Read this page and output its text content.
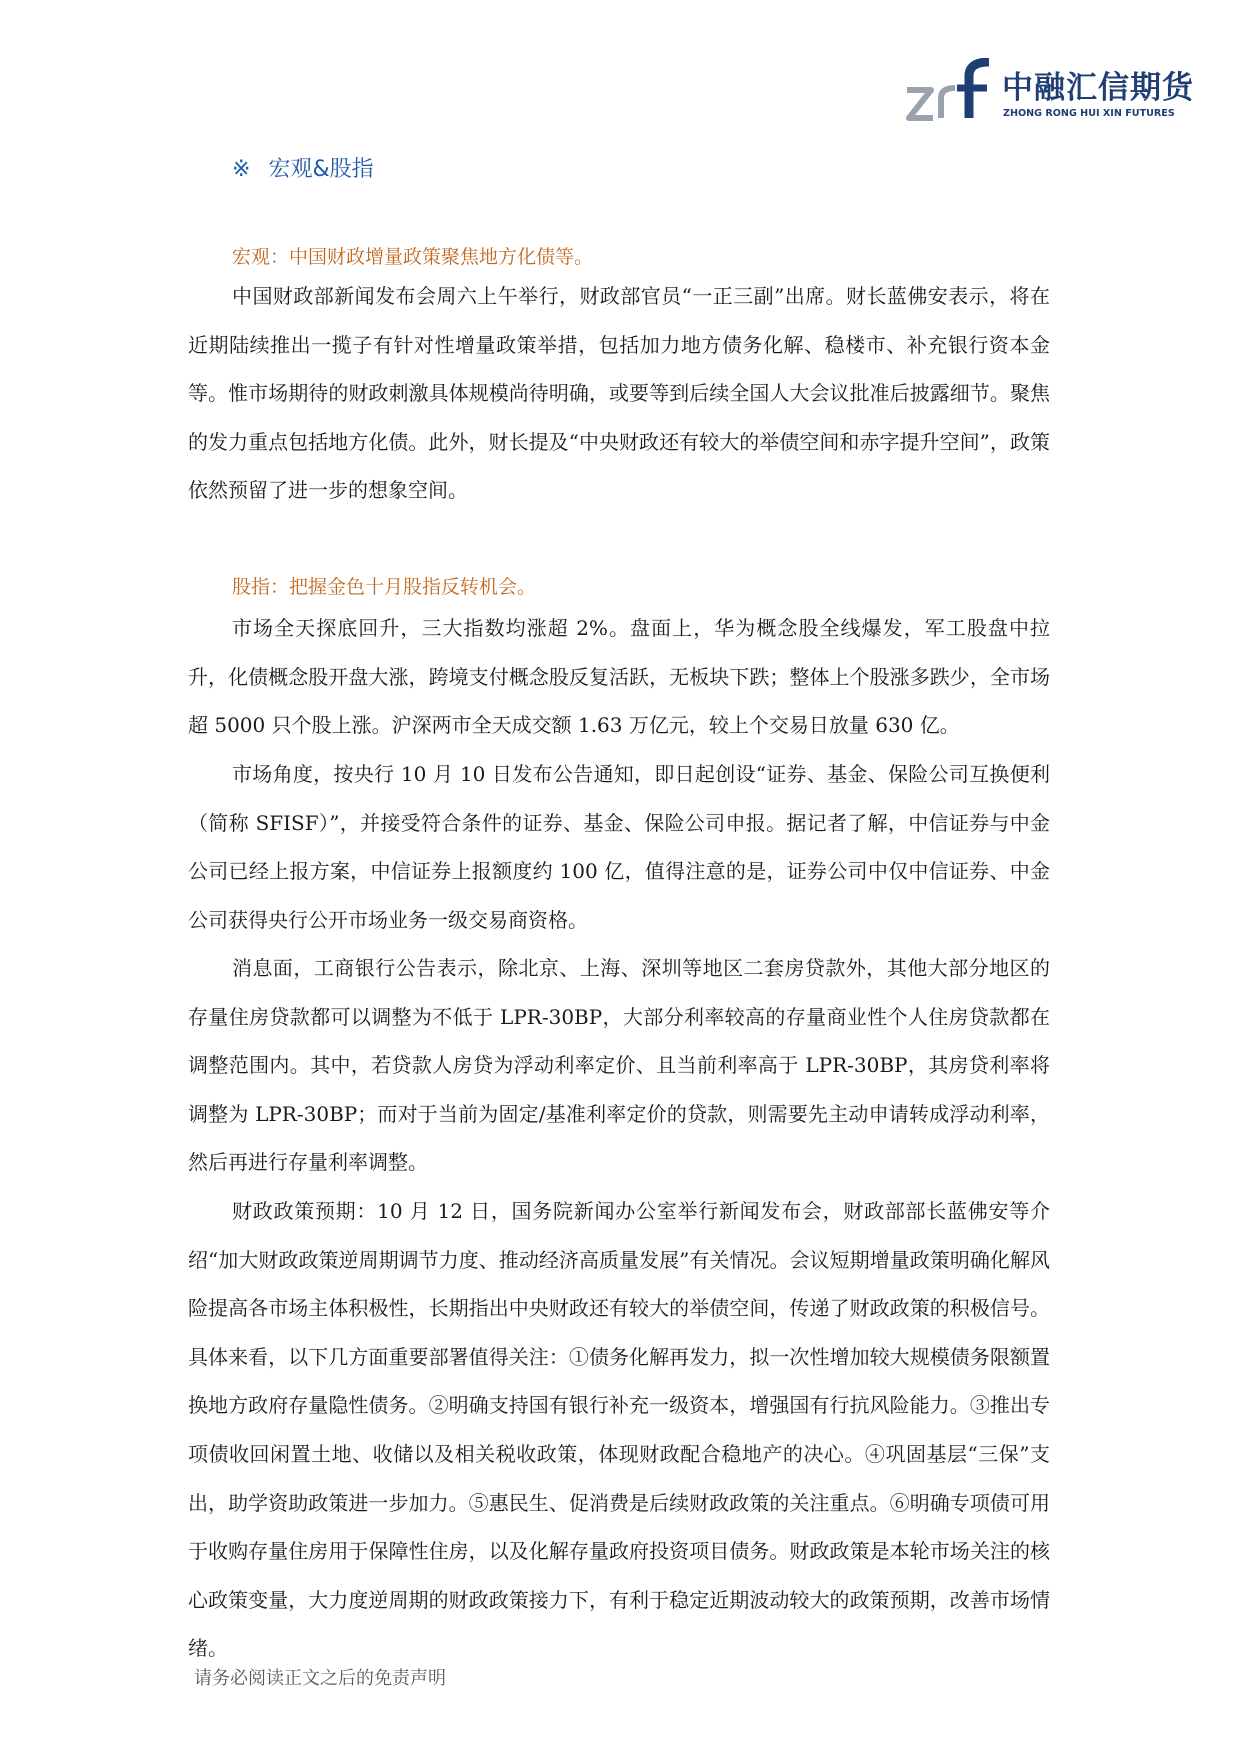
中融汇信期货
ZHONG RONG HUI XIN FUTURES
※ 宏观&股指
宏观：中国财政增量政策聚焦地方化债等。

中国财政部新闻发布会周六上午举行，财政部官员“一正三副”出席。财长蓝佛安表示，将在近期陆续推出一揽子有针对性增量政策举措，包括加力地方债务化解、稳楼市、补充银行资本金等。惟市场期待的财政刺激具体规模尚待明确，或要等到后续全国人大会议批准后披露细节。聚焦的发力重点包括地方化债。此外，财长提及“中央财政还有较大的举债空间和赤字提升空间”，政策依然预留了进一步的想象空间。

股指：把握金色十月股指反转机会。

市场全天探底回升，三大指数均涨超 2%。盘面上，华为概念股全线爆发，军工股盘中拉升，化债概念股开盘大涨，跨境支付概念股反复活跃，无板块下跌；整体上个股涨多跌少，全市场超 5000 只个股上涨。沪深两市全天成交额 1.63 万亿元，较上个交易日放量 630 亿。

市场角度，按央行 10 月 10 日发布公告通知，即日起创设“证券、基金、保险公司互换便利（简称 SFISF）”，并接受符合条件的证券、基金、保险公司申报。据记者了解，中信证券与中金公司已经上报方案，中信证券上报额度约 100 亿，值得注意的是，证券公司中仅中信证券、中金公司获得央行公开市场业务一级交易商资格。

消息面，工商银行公告表示，除北京、上海、深圳等地区二套房贷款外，其他大部分地区的存量住房贷款都可以调整为不低于 LPR-30BP，大部分利率较高的存量商业性个人住房贷款都在调整范围内。其中，若贷款人房贷为浮动利率定价、且当前利率高于 LPR-30BP，其房贷利率将调整为 LPR-30BP；而对于当前为固定/基准利率定价的贷款，则需要先主动申请转成浮动利率，然后再进行存量利率调整。

财政政策预期：10 月 12 日，国务院新闻办公室举行新闻发布会，财政部部长蓝佛安等介绍“加大财政政策逆周期调节力度、推动经济高质量发展”有关情况。会议短期增量政策明确化解风险提高各市场主体积极性，长期指出中央财政还有较大的举债空间，传递了财政政策的积极信号。具体来看，以下几方面重要部署值得关注：①债务化解再发力，拟一次性增加较大规模债务限额置换地方政府存量隐性债务。②明确支持国有银行补充一级资本，增强国有行抗风险能力。③推出专项债收回闲置土地、收储以及相关税收政策，体现财政配合稳地产的决心。④巩固基层“三保”支出，助学资助政策进一步加力。⑤惠民生、促消费是后续财政政策的关注重点。⑥明确专项债可用于收购存量住房用于保障性住房，以及化解存量政府投资项目债务。财政政策是本轮市场关注的核心政策变量，大力度逆周期的财政政策接力下，有利于稳定近期波动较大的政策预期，改善市场情绪。

请务必阅读正文之后的免责声明
